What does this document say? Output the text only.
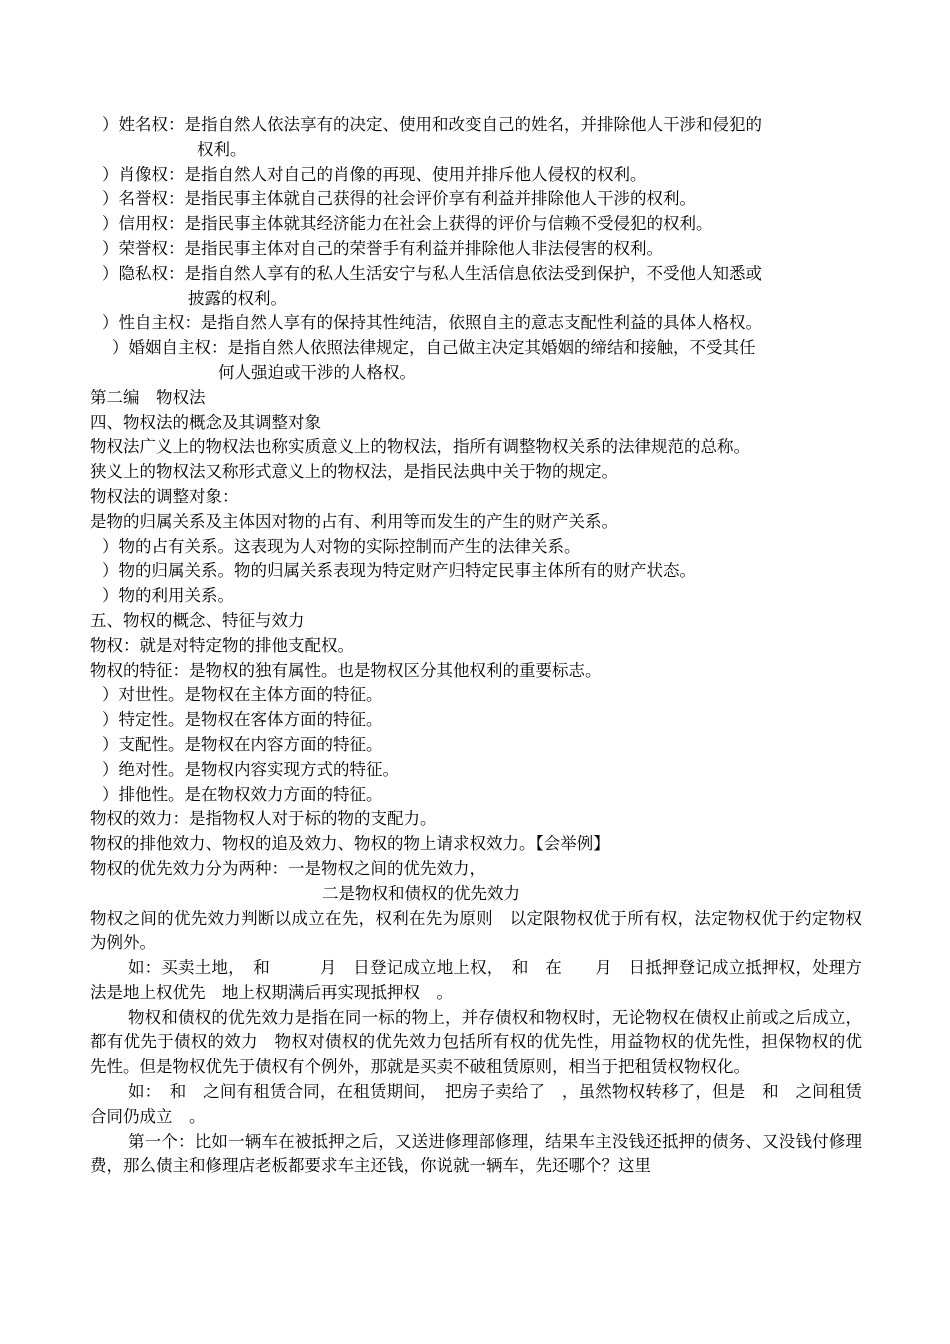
）姓名权：是指自然人依法享有的决定、使用和改变自己的姓名，并排除他人干涉和侵犯的
权利。
）肖像权：是指自然人对自己的肖像的再现、使用并排斥他人侵权的权利。
）名誉权：是指民事主体就自己获得的社会评价享有利益并排除他人干涉的权利。
）信用权：是指民事主体就其经济能力在社会上获得的评价与信赖不受侵犯的权利。
）荣誉权：是指民事主体对自己的荣誉手有利益并排除他人非法侵害的权利。
）隐私权：是指自然人享有的私人生活安宁与私人生活信息依法受到保护，不受他人知悉或
披露的权利。
）性自主权：是指自然人享有的保持其性纯洁，依照自主的意志支配性利益的具体人格权。
）婚姻自主权：是指自然人依照法律规定，自己做主决定其婚姻的缔结和接触，不受其任
何人强迫或干涉的人格权。
第二编　物权法
四、物权法的概念及其调整对象
物权法广义上的物权法也称实质意义上的物权法，指所有调整物权关系的法律规范的总称。
狭义上的物权法又称形式意义上的物权法，是指民法典中关于物的规定。
物权法的调整对象：
是物的归属关系及主体因对物的占有、利用等而发生的产生的财产关系。
）物的占有关系。这表现为人对物的实际控制而产生的法律关系。
）物的归属关系。物的归属关系表现为特定财产归特定民事主体所有的财产状态。
）物的利用关系。
五、物权的概念、特征与效力
物权：就是对特定物的排他支配权。
物权的特征：是物权的独有属性。也是物权区分其他权利的重要标志。
）对世性。是物权在主体方面的特征。
）特定性。是物权在客体方面的特征。
）支配性。是物权在内容方面的特征。
）绝对性。是物权内容实现方式的特征。
）排他性。是在物权效力方面的特征。
物权的效力：是指物权人对于标的物的支配力。
物权的排他效力、物权的追及效力、物权的物上请求权效力。【会举例】
物权的优先效力分为两种：一是物权之间的优先效力，
二是物权和债权的优先效力
物权之间的优先效力判断以成立在先，权利在先为原则　以定限物权优于所有权，法定物权优于约定物权为例外。
如：买卖土地，　和　　　月　日登记成立地上权，　和　在　　月　日抵押登记成立抵押权，处理方法是地上权优先　地上权期满后再实现抵押权　。
物权和债权的优先效力是指在同一标的物上，并存债权和物权时，无论物权在债权止前或之后成立，都有优先于债权的效力　物权对债权的优先效力包括所有权的优先性，用益物权的优先性，担保物权的优先性。但是物权优先于债权有个例外，那就是买卖不破租赁原则，相当于把租赁权物权化。
如：　和　之间有租赁合同，在租赁期间，　把房子卖给了　，虽然物权转移了，但是　和　之间租赁合同仍成立　。
第一个：比如一辆车在被抵押之后，又送进修理部修理，结果车主没钱还抵押的债务、又没钱付修理费，那么债主和修理店老板都要求车主还钱，你说就一辆车，先还哪个？这里
